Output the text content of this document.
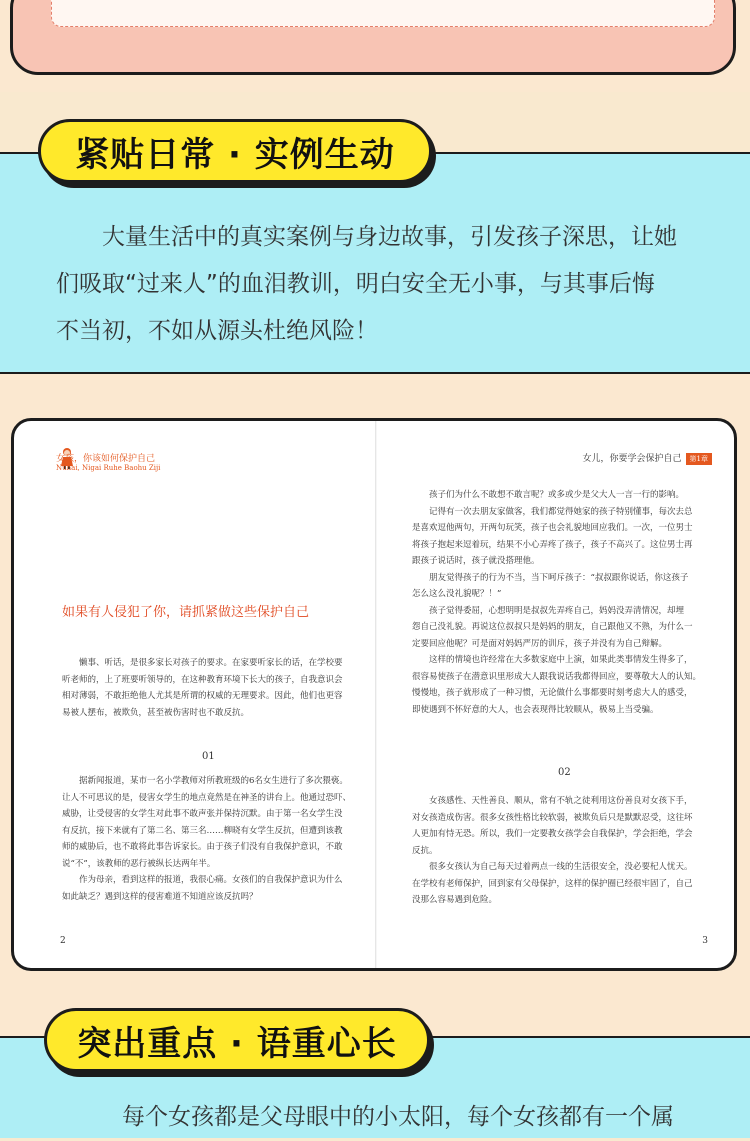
大量生活中的真实案例与身边故事，引发孩子深思，让她
们吸取“过来人”的血泪教训，明白安全无小事，与其事后悔
不当初，不如从源头杜绝风险！
紧贴日常 · 实例生动
女孩，你该如何保护自己
Nühai, Nigai Ruhe Baohu Ziji
如果有人侵犯了你，请抓紧做这些保护自己
懒事、听话，是很多家长对孩子的要求。在家要听家长的话，在学校要
听老师的，上了班要听领导的，在这种教育环境下长大的孩子，自我意识会
相对薄弱，不敢拒绝他人尤其是所谓的权威的无理要求。因此，他们也更容
易被人摆布，被欺负，甚至被伤害时也不敢反抗。
01
据新闻报道，某市一名小学教师对所教班级的6名女生进行了多次猥亵。
让人不可思议的是，侵害女学生的地点竟然是在神圣的讲台上。他通过恐吓、
威胁，让受侵害的女学生对此事不敢声张并保持沉默。由于第一名女学生没
有反抗，接下来就有了第二名、第三名……柳晓有女学生反抗，但遭到该教
师的威胁后，也不敢将此事告诉家长。由于孩子们没有自我保护意识，不敢
说“不”，该教师的恶行被纵长达两年半。
作为母亲，看到这样的报道，我很心痛。女孩们的自我保护意识为什么
如此缺乏？遇到这样的侵害难道不知道应该反抗吗？
2
女儿，你要学会保护自己 第1章
孩子们为什么不敢想不敢言呢？或多或少是父大人一言一行的影响。
记得有一次去朋友家做客，我们都觉得她家的孩子特别懂事，每次去总
是喜欢逗他两句，开两句玩笑，孩子也会礼貌地回应我们。一次，一位男士
将孩子抱起来逗着玩，结果不小心弄疼了孩子，孩子不高兴了。这位男士再
跟孩子说话时，孩子就没搭理他。
朋友觉得孩子的行为不当，当下呵斥孩子：“叔叔跟你说话，你这孩子
怎么这么没礼貌呢？！”
孩子觉得委屈，心想明明是叔叔先弄疼自己，妈妈没弄清情况，却埋
怨自己没礼貌。再说这位叔叔只是妈妈的朋友，自己跟他又不熟，为什么一
定要回应他呢？可是面对妈妈严厉的训斥，孩子并没有为自己辩解。
这样的情境也许经常在大多数家庭中上演，如果此类事情发生得多了，
很容易使孩子在潜意识里形成大人跟我说话我都得回应，要尊敬大人的认知。
慢慢地，孩子就形成了一种习惯，无论做什么事都要时刻考虑大人的感受，
即使遇到不怀好意的大人，也会表现得比较顺从，极易上当受骗。
02
女孩感性、天性善良、顺从，常有不轨之徒利用这份善良对女孩下手，
对女孩造成伤害。很多女孩性格比较软弱，被欺负后只是默默忍受，这往坏
人更加有恃无恐。所以，我们一定要教女孩学会自我保护，学会拒绝，学会
反抗。
很多女孩认为自己每天过着两点一线的生活很安全，没必要杞人忧天。
在学校有老师保护，回到家有父母保护，这样的保护圈已经很牢固了，自己
没那么容易遇到危险。
3
每个女孩都是父母眼中的小太阳，每个女孩都有一个属
突出重点 · 语重心长
